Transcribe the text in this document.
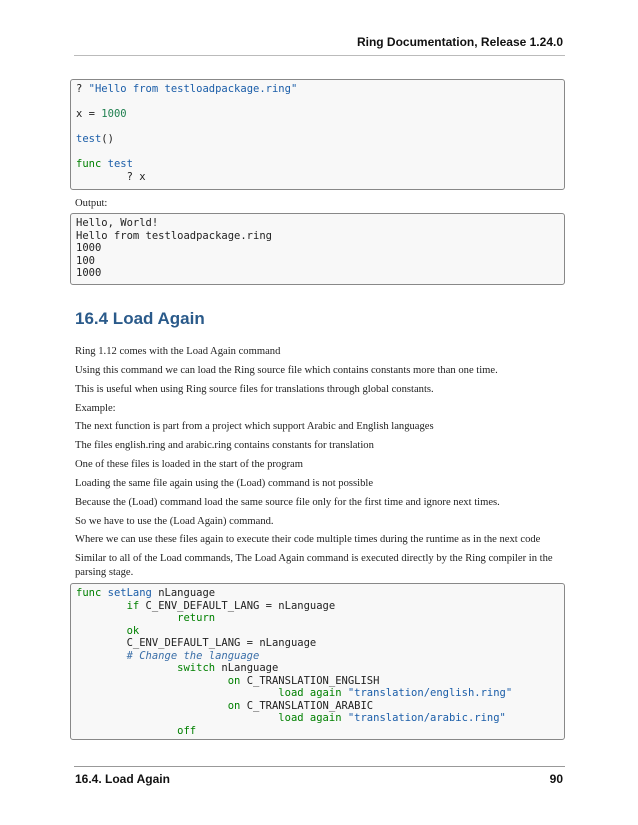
Ring Documentation, Release 1.24.0
? "Hello from testloadpackage.ring"
x = 1000
test()
func test
? x
Output:
Hello, World!
Hello from testloadpackage.ring
1000
100
1000
16.4 Load Again
Ring 1.12 comes with the Load Again command
Using this command we can load the Ring source file which contains constants more than one time.
This is useful when using Ring source files for translations through global constants.
Example:
The next function is part from a project which support Arabic and English languages
The files english.ring and arabic.ring contains constants for translation
One of these files is loaded in the start of the program
Loading the same file again using the (Load) command is not possible
Because the (Load) command load the same source file only for the first time and ignore next times.
So we have to use the (Load Again) command.
Where we can use these files again to execute their code multiple times during the runtime as in the next code
Similar to all of the Load commands, The Load Again command is executed directly by the Ring compiler in the parsing stage.
func setLang nLanguage
if C_ENV_DEFAULT_LANG = nLanguage
return
ok
C_ENV_DEFAULT_LANG = nLanguage
# Change the language
switch nLanguage
on C_TRANSLATION_ENGLISH
load again "translation/english.ring"
on C_TRANSLATION_ARABIC
load again "translation/arabic.ring"
off
16.4. Load Again	90
